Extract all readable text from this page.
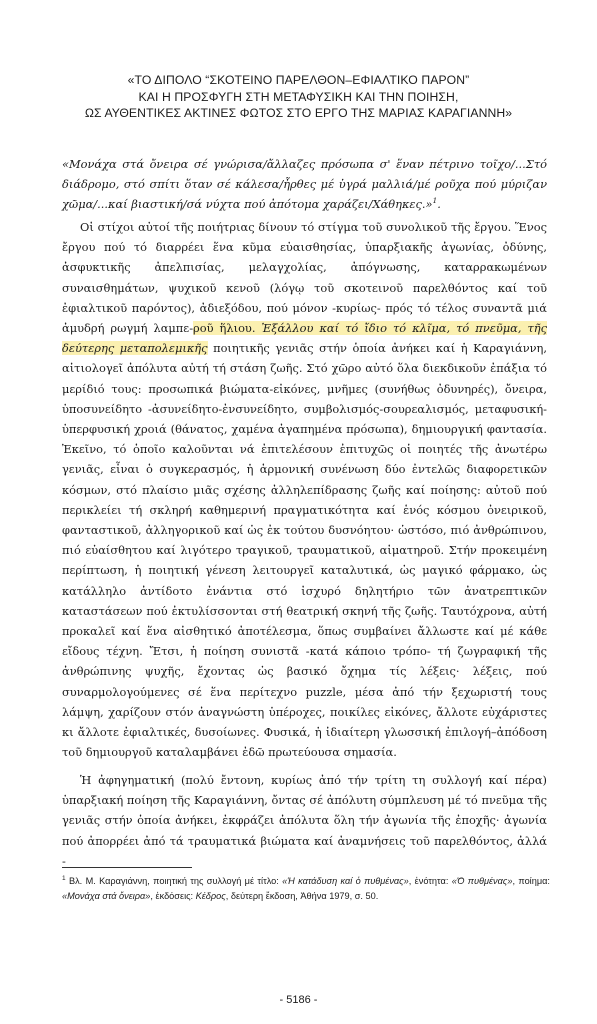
«ΤΟ ΔΙΠΟΛΟ “ΣΚΟΤΕΙΝΟ ΠΑΡΕΛΘΟΝ–ΕΦΙΑΛΤΙΚΟ ΠΑΡΟΝ”
ΚΑΙ Η ΠΡΟΣΦΥΓΗ ΣΤΗ ΜΕΤΑΦΥΣΙΚΗ ΚΑΙ ΤΗΝ ΠΟΙΗΣΗ,
ΩΣ ΑΥΘΕΝΤΙΚΕΣ ΑΚΤΙΝΕΣ ΦΩΤΟΣ ΣΤΟ ΕΡΓΟ ΤΗΣ ΜΑΡΙΑΣ ΚΑΡΑΓΙΑΝΝΗ»

«Μονάχα στά ὄνειρα σέ γνώρισα/ἄλλαζες πρόσωπα σ' ἕναν πέτρινο τοῖχο/...Στό διάδρομο, στό σπίτι ὅταν σέ κάλεσα/ἦρθες μέ ὑγρά μαλλιά/μέ ροῦχα πού μύριζαν χῶμα/...καί βιαστική/σά νύχτα πού ἀπότομα χαράζει/Χάθηκες.»$^1$.

Οἱ στίχοι αὐτοί τῆς ποιήτριας δίνουν τό στίγμα τοῦ συνολικοῦ τῆς ἔργου. Ἕνος ἔργου πού τό διαρρέει ἕνα κῦμα εὐαισθησίας, ὑπαρξιακῆς ἀγωνίας, ὀδύνης, ἀσφυκτικῆς ἀπελπισίας, μελαγχολίας, ἀπόγνωσης, καταρρακωμένων συναισθημάτων, ψυχικοῦ κενοῦ (λόγῳ τοῦ σκοτεινοῦ παρελθόντος καί τοῦ ἐφιαλτικοῦ παρόντος), ἀδιεξόδου, πού μόνον -κυρίως- πρός τό τέλος συναντᾶ μιά ἀμυδρή ρωγμή λαμπε-ροῦ ἥλιου. Ἐξάλλου καί τό ἴδιο τό κλῖμα, τό πνεῦμα, τῆς δεύτερης μεταπολεμικῆς ποιητικῆς γενιᾶς στήν ὁποία ἀνήκει καί ἡ Καραγιάννη, αἰτιολογεῖ ἀπόλυτα αὐτή τή στάση ζωῆς. Στό χῶρο αὐτό ὅλα διεκδικοῦν ἐπάξια τό μερίδιό τους: προσωπικά βιώματα-εἰκόνες, μνῆμες (συνήθως ὀδυνηρές), ὄνειρα, ὑποσυνείδητο -ἀσυνείδητο-ἐνσυνείδητο, συμβολισμός-σουρεαλισμός, μεταφυσική-ὑπερφυσική χροιά (θάνατος, χαμένα ἀγαπημένα πρόσωπα), δημιουργική φαντασία. Ἐκεῖνο, τό ὁποῖο καλοῦνται νά ἐπιτελέσουν ἐπιτυχῶς οἱ ποιητές τῆς ἀνωτέρω γενιᾶς, εἶναι ὁ συγκερασμός, ἡ ἁρμονική συνένωση δύο ἐντελῶς διαφορετικῶν κόσμων, στό πλαίσιο μιᾶς σχέσης ἀλληλεπίδρασης ζωῆς καί ποίησης: αὐτοῦ πού περικλείει τή σκληρή καθημερινή πραγματικότητα καί ἑνός κόσμου ὀνειρικοῦ, φανταστικοῦ, ἀλληγορικοῦ καί ὡς ἐκ τούτου δυσνόητου· ὡστόσο, πιό ἀνθρώπινου, πιό εὐαίσθητου καί λιγότερο τραγικοῦ, τραυματικοῦ, αἱματηροῦ. Στήν προκειμένη περίπτωση, ἡ ποιητική γένεση λειτουργεῖ καταλυτικά, ὡς μαγικό φάρμακο, ὡς κατάλληλο ἀντίδοτο ἐνάντια στό ἰσχυρό δηλητήριο τῶν ἀνατρεπτικῶν καταστάσεων πού ἐκτυλίσσονται στή θεατρική σκηνή τῆς ζωῆς. Ταυτόχρονα, αὐτή προκαλεῖ καί ἕνα αἰσθητικό ἀποτέλεσμα, ὅπως συμβαίνει ἄλλωστε καί μέ κάθε εἴδους τέχνη. Ἔτσι, ἡ ποίηση συνιστᾶ -κατά κάποιο τρόπο- τή ζωγραφική τῆς ἀνθρώπινης ψυχῆς, ἔχοντας ὡς βασικό ὄχημα τίς λέξεις· λέξεις, πού συναρμολογούμενες σέ ἕνα περίτεχνο puzzle, μέσα ἀπό τήν ξεχωριστή τους λάμψη, χαρίζουν στόν ἀναγνώστη ὑπέροχες, ποικίλες εἰκόνες, ἄλλοτε εὐχάριστες κι ἄλλοτε ἐφιαλτικές, δυσοίωνες. Φυσικά, ἡ ἰδιαίτερη γλωσσική ἐπιλογή–ἀπόδοση τοῦ δημιουργοῦ καταλαμβάνει ἐδῶ πρωτεύουσα σημασία.

Ἡ ἀφηγηματική (πολύ ἔντονη, κυρίως ἀπό τήν τρίτη τη συλλογή καί πέρα) ὑπαρξιακή ποίηση τῆς Καραγιάννη, ὄντας σέ ἀπόλυτη σύμπλευση μέ τό πνεῦμα τῆς γενιᾶς στήν ὁποία ἀνήκει, ἐκφράζει ἀπόλυτα ὅλη τήν ἀγωνία τῆς ἐποχῆς· ἀγωνία πού ἀπορρέει ἀπό τά τραυματικά βιώματα καί ἀναμνήσεις τοῦ παρελθόντος, ἀλλά -

$^1$ Βλ. Μ. Καραγιάννη, ποιητική της συλλογή μέ τίτλο: «Ἡ κατάδυση καί ὁ πυθμένας», ἑνότητα: «Ὁ πυθμένας», ποίημα: «Μονάχα στά ὄνειρα», ἐκδόσεις: Κέδρος, δεύτερη ἔκδοση, Ἀθήνα 1979, σ. 50.
- 5186 -
